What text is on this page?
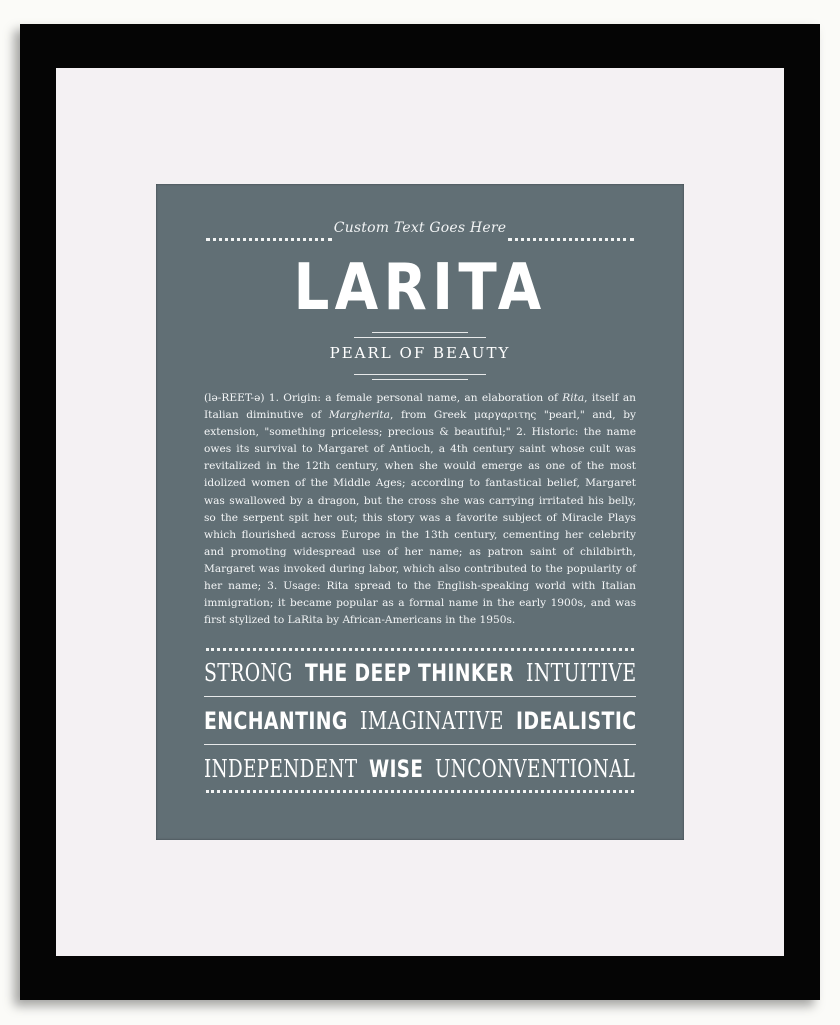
Custom Text Goes Here
LARITA
PEARL OF BEAUTY
(lə-REET-ə) 1. Origin: a female personal name, an elaboration of Rita, itself an Italian diminutive of Margherita, from Greek μαργαριτης "pearl," and, by extension, "something priceless; precious & beautiful;" 2. Historic: the name owes its survival to Margaret of Antioch, a 4th century saint whose cult was revitalized in the 12th century, when she would emerge as one of the most idolized women of the Middle Ages; according to fantastical belief, Margaret was swallowed by a dragon, but the cross she was carrying irritated his belly, so the serpent spit her out; this story was a favorite subject of Miracle Plays which flourished across Europe in the 13th century, cementing her celebrity and promoting widespread use of her name; as patron saint of childbirth, Margaret was invoked during labor, which also contributed to the popularity of her name; 3. Usage: Rita spread to the English-speaking world with Italian immigration; it became popular as a formal name in the early 1900s, and was first stylized to LaRita by African-Americans in the 1950s.
STRONG THE DEEP THINKER INTUITIVE
ENCHANTING IMAGINATIVE IDEALISTIC
INDEPENDENT WISE UNCONVENTIONAL
